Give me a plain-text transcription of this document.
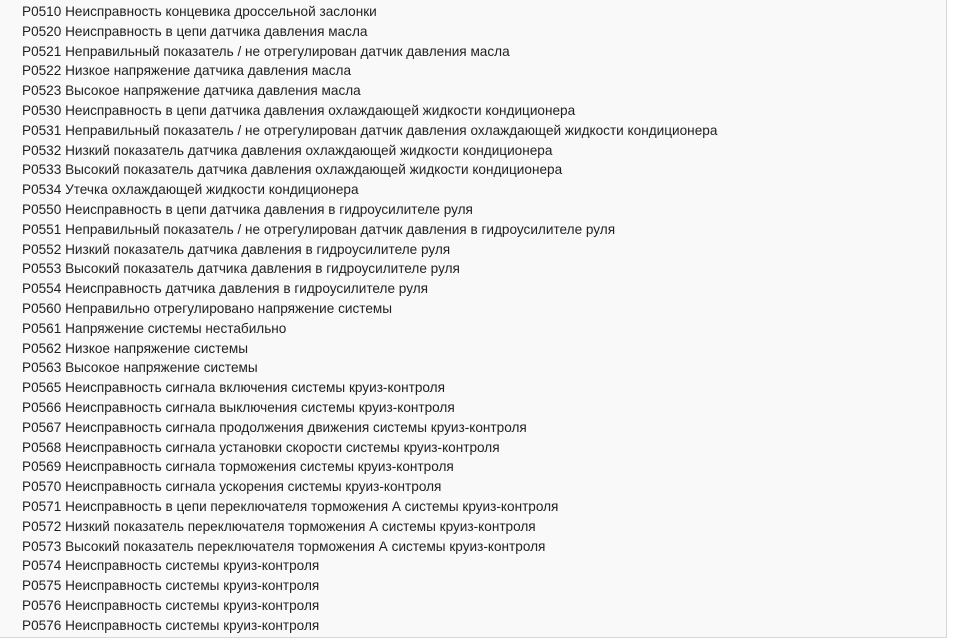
P0510 Неисправность концевика дроссельной заслонки
P0520 Неисправность в цепи датчика давления масла
P0521 Неправильный показатель / не отрегулирован датчик давления масла
P0522 Низкое напряжение датчика давления масла
P0523 Высокое напряжение датчика давления масла
P0530 Неисправность в цепи датчика давления охлаждающей жидкости кондиционера
P0531 Неправильный показатель / не отрегулирован датчик давления охлаждающей жидкости кондиционера
P0532 Низкий показатель датчика давления охлаждающей жидкости кондиционера
P0533 Высокий показатель датчика давления охлаждающей жидкости кондиционера
P0534 Утечка охлаждающей жидкости кондиционера
P0550 Неисправность в цепи датчика давления в гидроусилителе руля
P0551 Неправильный показатель / не отрегулирован датчик давления в гидроусилителе руля
P0552 Низкий показатель датчика давления в гидроусилителе руля
P0553 Высокий показатель датчика давления в гидроусилителе руля
P0554 Неисправность датчика давления в гидроусилителе руля
P0560 Неправильно отрегулировано напряжение системы
P0561 Напряжение системы нестабильно
P0562 Низкое напряжение системы
P0563 Высокое напряжение системы
P0565 Неисправность сигнала включения системы круиз-контроля
P0566 Неисправность сигнала выключения системы круиз-контроля
P0567 Неисправность сигнала продолжения движения системы круиз-контроля
P0568 Неисправность сигнала установки скорости системы круиз-контроля
P0569 Неисправность сигнала торможения системы круиз-контроля
P0570 Неисправность сигнала ускорения системы круиз-контроля
P0571 Неисправность в цепи переключателя торможения А системы круиз-контроля
P0572 Низкий показатель переключателя торможения А системы круиз-контроля
P0573 Высокий показатель переключателя торможения А системы круиз-контроля
P0574 Неисправность системы круиз-контроля
P0575 Неисправность системы круиз-контроля
P0576 Неисправность системы круиз-контроля
P0576 Неисправность системы круиз-контроля
